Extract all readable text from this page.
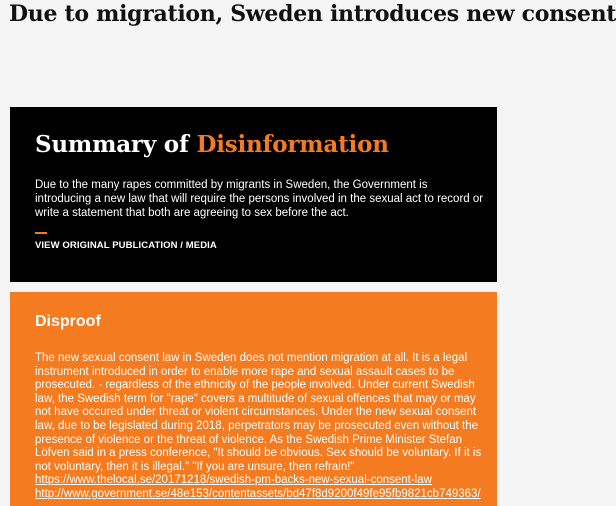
Due to migration, Sweden introduces new consent
Summary of Disinformation

Due to the many rapes committed by migrants in Sweden, the Government is introducing a new law that will require the persons involved in the sexual act to record or write a statement that both are agreeing to sex before the act.

VIEW ORIGINAL PUBLICATION / MEDIA
Disproof

The new sexual consent law in Sweden does not mention migration at all. It is a legal instrument introduced in order to enable more rape and sexual assault cases to be prosecuted. - regardless of the ethnicity of the people involved. Under current Swedish law, the Swedish term for "rape" covers a multitude of sexual offences that may or may not have occured under threat or violent circumstances. Under the new sexual consent law, due to be legislated during 2018, perpetrators may be prosecuted even without the presence of violence or the threat of violence. As the Swedish Prime Minister Stefan Löfven said in a press conference, "It should be obvious. Sex should be voluntary. If it is not voluntary, then it is illegal." "If you are unsure, then refrain!"

https://www.thelocal.se/20171218/swedish-pm-backs-new-sexual-consent-law
http://www.government.se/48e153/contentassets/bd47f8d9200f49fe95fb9821cb749363/
